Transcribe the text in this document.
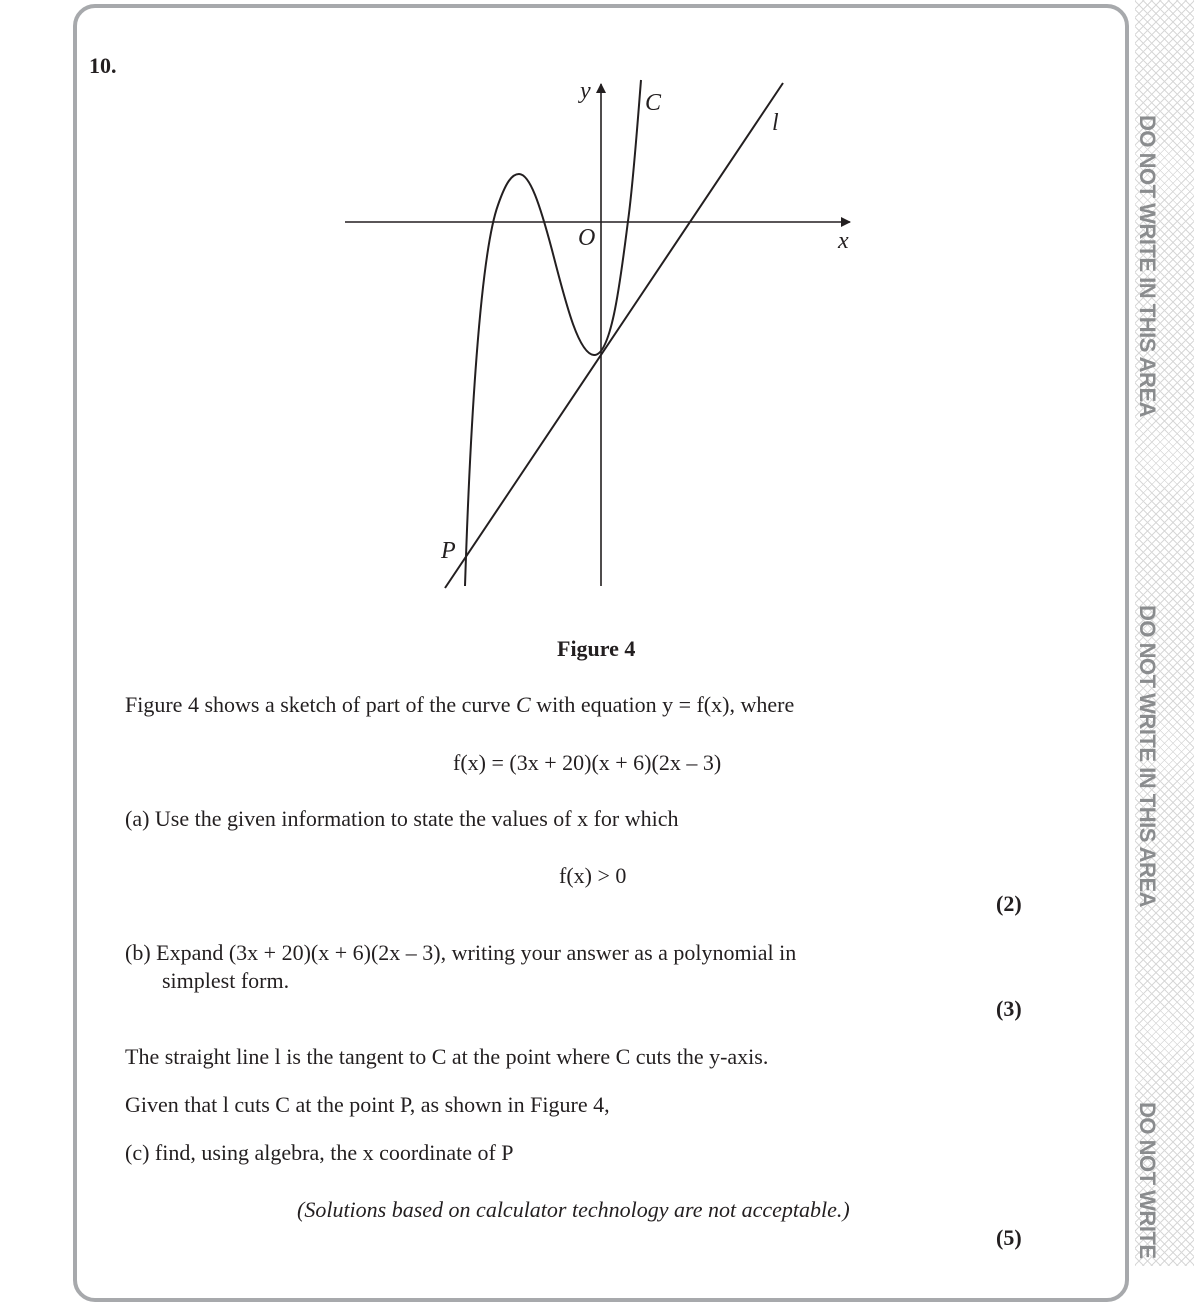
DO NOT WRITE IN THIS AREA
DO NOT WRITE IN THIS AREA
DO NOT WRITE
10.
y
x
O
C
l
P
Figure 4
Figure 4 shows a sketch of part of the curve C with equation y = f(x), where
f(x) = (3x + 20)(x + 6)(2x – 3)
(a) Use the given information to state the values of x for which
f(x) > 0
(2)
(b) Expand (3x + 20)(x + 6)(2x – 3), writing your answer as a polynomial in
simplest form.
(3)
The straight line l is the tangent to C at the point where C cuts the y-axis.
Given that l cuts C at the point P, as shown in Figure 4,
(c) find, using algebra, the x coordinate of P
(Solutions based on calculator technology are not acceptable.)
(5)
